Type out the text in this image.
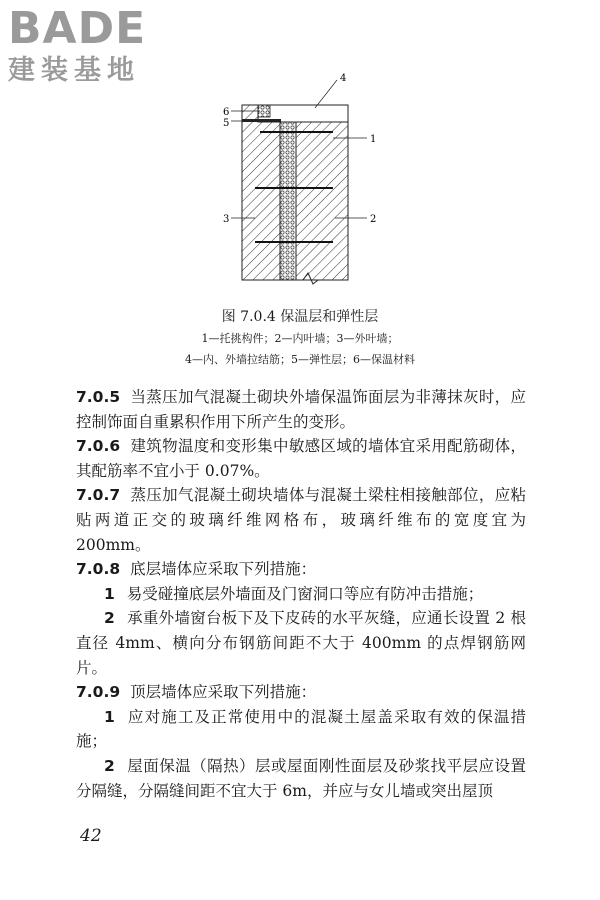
BADE
建装基地	4
1
2
3
6
5
图 7.0.4 保温层和弹性层
1—托挑构件；2—内叶墙；3—外叶墙；
4—内、外墙拉结筋；5—弹性层；6—保温材料

7.0.5 当蒸压加气混凝土砌块外墙保温饰面层为非薄抹灰时，应控制饰面自重累积作用下所产生的变形。

7.0.6 建筑物温度和变形集中敏感区域的墙体宜采用配筋砌体，其配筋率不宜小于 0.07%。

7.0.7 蒸压加气混凝土砌块墙体与混凝土梁柱相接触部位，应粘贴两道正交的玻璃纤维网格布，玻璃纤维布的宽度宜为 200mm。

7.0.8 底层墙体应采取下列措施：

1 易受碰撞底层外墙面及门窗洞口等应有防冲击措施；

2 承重外墙窗台板下及下皮砖的水平灰缝，应通长设置 2 根直径 4mm、横向分布钢筋间距不大于 400mm 的点焊钢筋网片。

7.0.9 顶层墙体应采取下列措施：

1 应对施工及正常使用中的混凝土屋盖采取有效的保温措施；

2 屋面保温（隔热）层或屋面刚性面层及砂浆找平层应设置分隔缝，分隔缝间距不宜大于 6m，并应与女儿墙或突出屋顶

42
